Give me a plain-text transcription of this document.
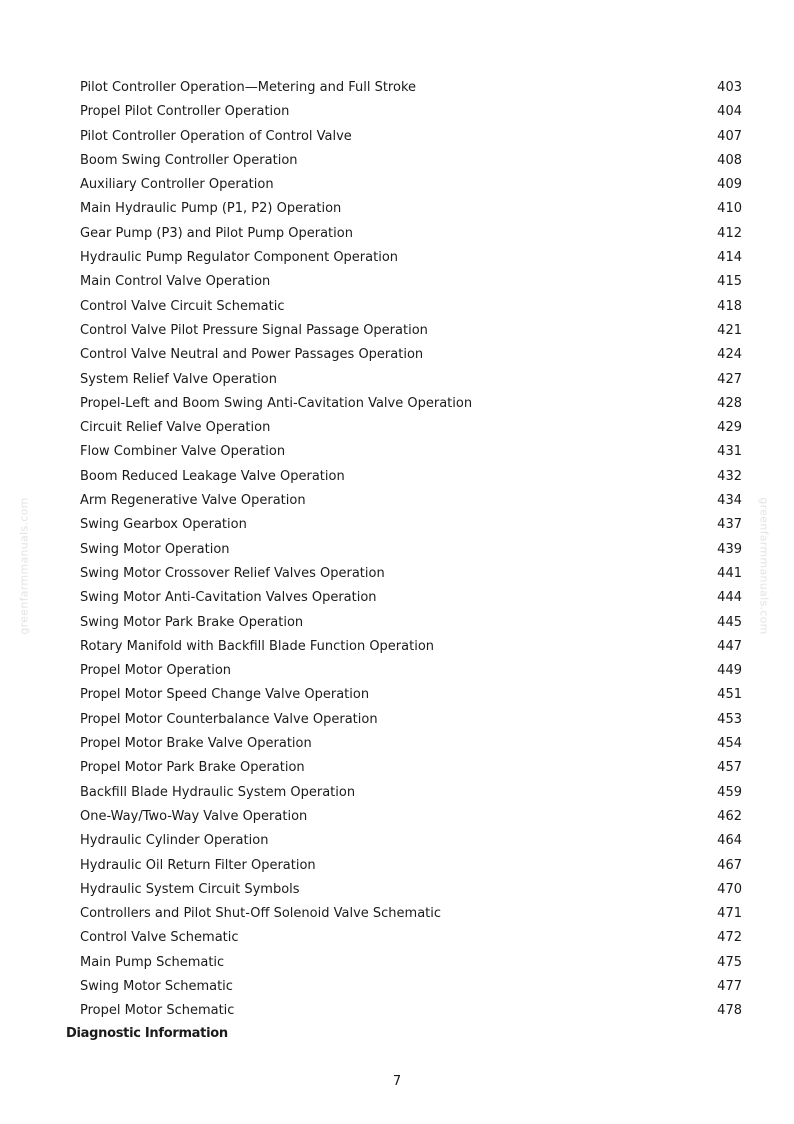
greenfarmmanuals.com	greenfarmmanuals.com
Pilot Controller Operation—Metering and Full Stroke	403
Propel Pilot Controller Operation	404
Pilot Controller Operation of Control Valve	407
Boom Swing Controller Operation	408
Auxiliary Controller Operation	409
Main Hydraulic Pump (P1, P2) Operation	410
Gear Pump (P3) and Pilot Pump Operation	412
Hydraulic Pump Regulator Component Operation	414
Main Control Valve Operation	415
Control Valve Circuit Schematic	418
Control Valve Pilot Pressure Signal Passage Operation	421
Control Valve Neutral and Power Passages Operation	424
System Relief Valve Operation	427
Propel-Left and Boom Swing Anti-Cavitation Valve Operation	428
Circuit Relief Valve Operation	429
Flow Combiner Valve Operation	431
Boom Reduced Leakage Valve Operation	432
Arm Regenerative Valve Operation	434
Swing Gearbox Operation	437
Swing Motor Operation	439
Swing Motor Crossover Relief Valves Operation	441
Swing Motor Anti-Cavitation Valves Operation	444
Swing Motor Park Brake Operation	445
Rotary Manifold with Backfill Blade Function Operation	447
Propel Motor Operation	449
Propel Motor Speed Change Valve Operation	451
Propel Motor Counterbalance Valve Operation	453
Propel Motor Brake Valve Operation	454
Propel Motor Park Brake Operation	457
Backfill Blade Hydraulic System Operation	459
One-Way/Two-Way Valve Operation	462
Hydraulic Cylinder Operation	464
Hydraulic Oil Return Filter Operation	467
Hydraulic System Circuit Symbols	470
Controllers and Pilot Shut-Off Solenoid Valve Schematic	471
Control Valve Schematic	472
Main Pump Schematic	475
Swing Motor Schematic	477
Propel Motor Schematic	478
Diagnostic Information
7
